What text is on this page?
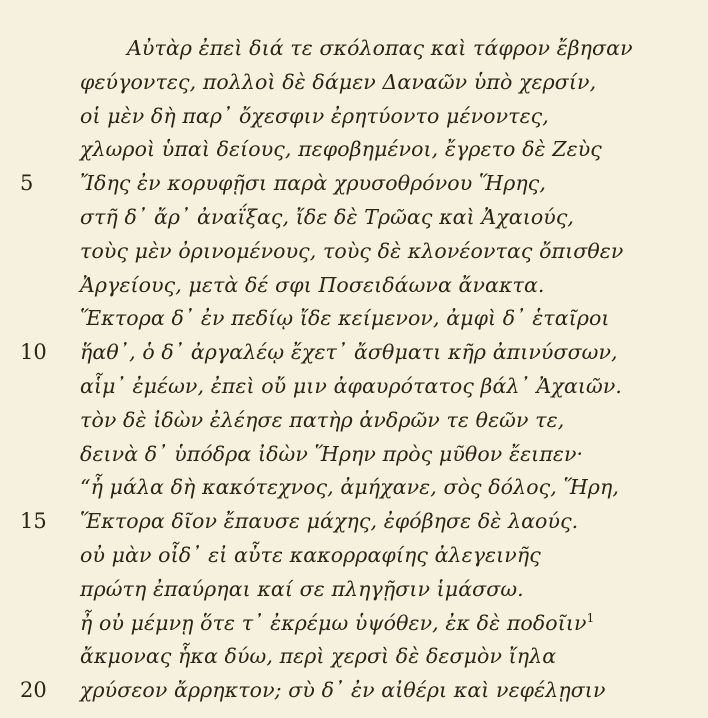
Αὐτὰρ ἐπεὶ διά τε σκόλοπας καὶ τάφρον ἔβησαν
φεύγοντες, πολλοὶ δὲ δάμεν Δαναῶν ὑπὸ χερσίν,
οἱ μὲν δὴ παρ᾽ ὄχεσφιν ἐρητύοντο μένοντες,
χλωροὶ ὑπαὶ δείους, πεφοβημένοι, ἔγρετο δὲ Ζεὺς
5	Ἴδης ἐν κορυφῇσι παρὰ χρυσοθρόνου Ἥρης,
στῆ δ᾽ ἄρ᾽ ἀναΐξας, ἴδε δὲ Τρῶας καὶ Ἀχαιούς,
τοὺς μὲν ὀρινομένους, τοὺς δὲ κλονέοντας ὄπισθεν
Ἀργείους, μετὰ δέ σφι Ποσειδάωνα ἄνακτα.
Ἕκτορα δ᾽ ἐν πεδίῳ ἴδε κείμενον, ἀμφὶ δ᾽ ἑταῖροι
10 ἥαθ᾽, ὁ δ᾽ ἀργαλέῳ ἔχετ᾽ ἄσθματι κῆρ ἀπινύσσων,
αἷμ᾽ ἐμέων, ἐπεὶ οὔ μιν ἀφαυρότατος βάλ᾽ Ἀχαιῶν.
τὸν δὲ ἰδὼν ἐλέησε πατὴρ ἀνδρῶν τε θεῶν τε,
δεινὰ δ᾽ ὑπόδρα ἰδὼν Ἥρην πρὸς μῦθον ἔειπεν·
“ἦ μάλα δὴ κακότεχνος, ἀμήχανε, σὸς δόλος, Ἥρη,
15 Ἕκτορα δῖον ἔπαυσε μάχης, ἐφόβησε δὲ λαούς.
οὐ μὰν οἶδ᾽ εἰ αὖτε κακορραφίης ἀλεγεινῆς
πρώτη ἐπαύρηαι καί σε πληγῇσιν ἱμάσσω.
ἦ οὐ μέμνῃ ὅτε τ᾽ ἐκρέμω ὑψόθεν, ἐκ δὲ ποδοῖιν$^1$
ἄκμονας ἧκα δύω, περὶ χερσὶ δὲ δεσμὸν ἴηλα
20 χρύσεον ἄρρηκτον; σὺ δ᾽ ἐν αἰθέρι καὶ νεφέλῃσιν
